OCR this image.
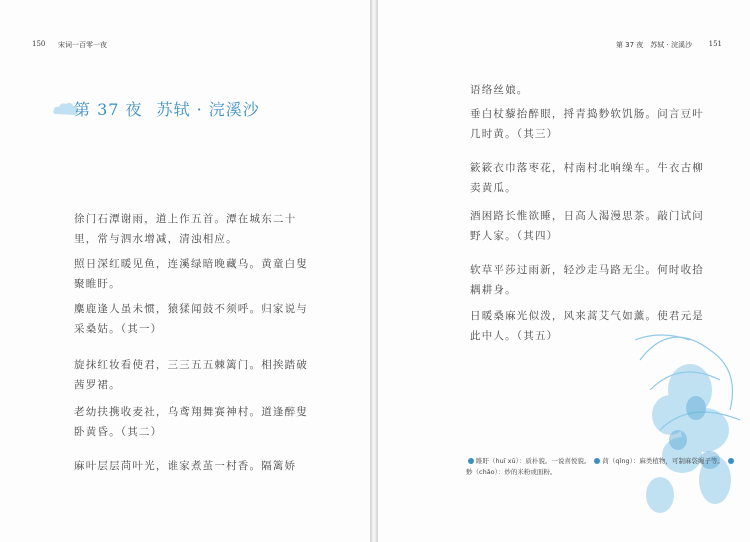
150 宋词一百零一夜
第 37 夜 苏轼 · 浣溪沙
徐门石潭谢雨，道上作五首。潭在城东二十里，常与泗水增减，清浊相应。
照日深红暖见鱼，连溪绿暗晚藏乌。黄童白叟聚睢盱。
麋鹿逢人虽未惯，猿猱闻鼓不须呼。归家说与采桑姑。（其一）
旋抹红妆看使君，三三五五棘篱门。相挨踏破茜罗裙。
老幼扶携收麦社，乌鸢翔舞赛神村。道逢醉叟卧黄昏。（其二）
麻叶层层苘叶光，谁家煮茧一村香。隔篱娇
第 37 夜　苏轼 · 浣溪沙 151
语络丝娘。
垂白杖藜抬醉眼，捋青捣麨软饥肠。问言豆叶几时黄。（其三）
簌簌衣巾落枣花，村南村北响缲车。牛衣古柳卖黄瓜。
酒困路长惟欲睡，日高人渴漫思茶。敲门试问野人家。（其四）
软草平莎过雨新，轻沙走马路无尘。何时收拾耦耕身。
日暖桑麻光似泼，风来蒿艾气如薰。使君元是此中人。（其五）
睢盱（huī xū）：质朴貌。一说喜悦貌。 苘（qǐng）：麻类植物，可制麻袋绳子等。 麨（chǎo）：炒的米粉或面粉。
